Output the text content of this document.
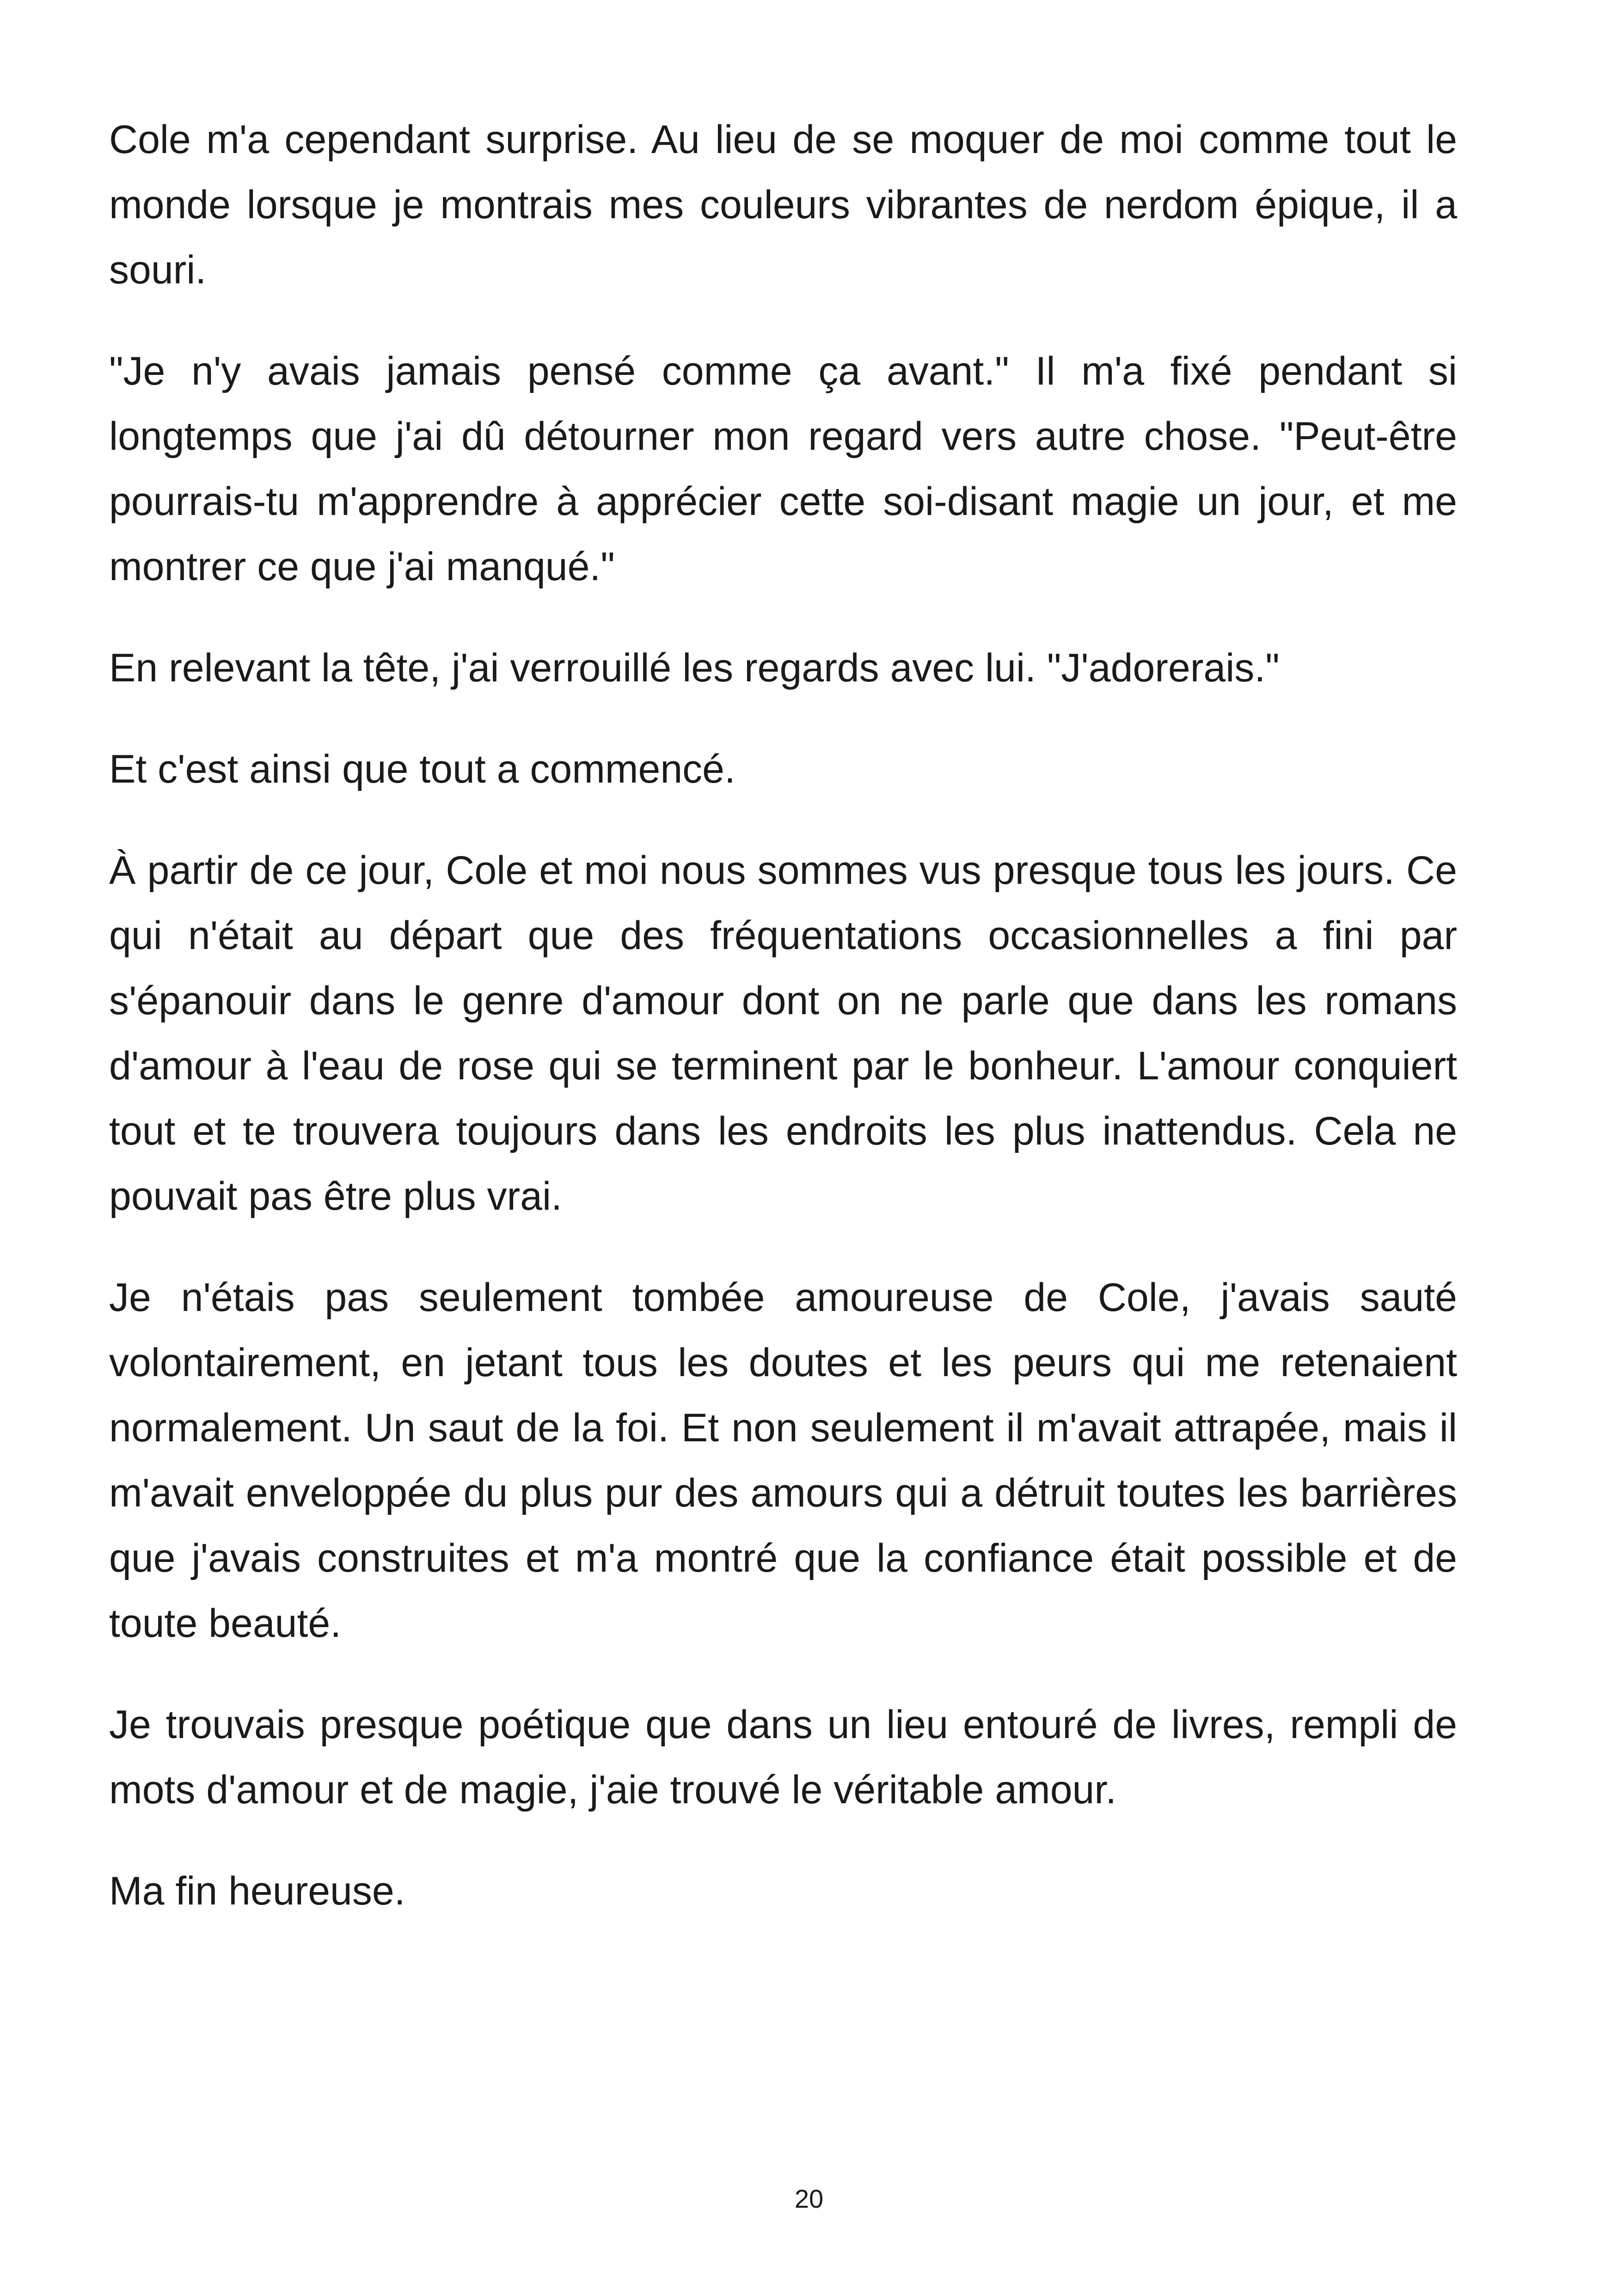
Cole m'a cependant surprise. Au lieu de se moquer de moi comme tout le monde lorsque je montrais mes couleurs vibrantes de nerdom épique, il a souri.

"Je n'y avais jamais pensé comme ça avant." Il m'a fixé pendant si longtemps que j'ai dû détourner mon regard vers autre chose. "Peut-être pourrais-tu m'apprendre à apprécier cette soi-disant magie un jour, et me montrer ce que j'ai manqué."

En relevant la tête, j'ai verrouillé les regards avec lui. "J'adorerais."

Et c'est ainsi que tout a commencé.

À partir de ce jour, Cole et moi nous sommes vus presque tous les jours. Ce qui n'était au départ que des fréquentations occasionnelles a fini par s'épanouir dans le genre d'amour dont on ne parle que dans les romans d'amour à l'eau de rose qui se terminent par le bonheur. L'amour conquiert tout et te trouvera toujours dans les endroits les plus inattendus. Cela ne pouvait pas être plus vrai.

Je n'étais pas seulement tombée amoureuse de Cole, j'avais sauté volontairement, en jetant tous les doutes et les peurs qui me retenaient normalement. Un saut de la foi. Et non seulement il m'avait attrapée, mais il m'avait enveloppée du plus pur des amours qui a détruit toutes les barrières que j'avais construites et m'a montré que la confiance était possible et de toute beauté.

Je trouvais presque poétique que dans un lieu entouré de livres, rempli de mots d'amour et de magie, j'aie trouvé le véritable amour.

Ma fin heureuse.

20
